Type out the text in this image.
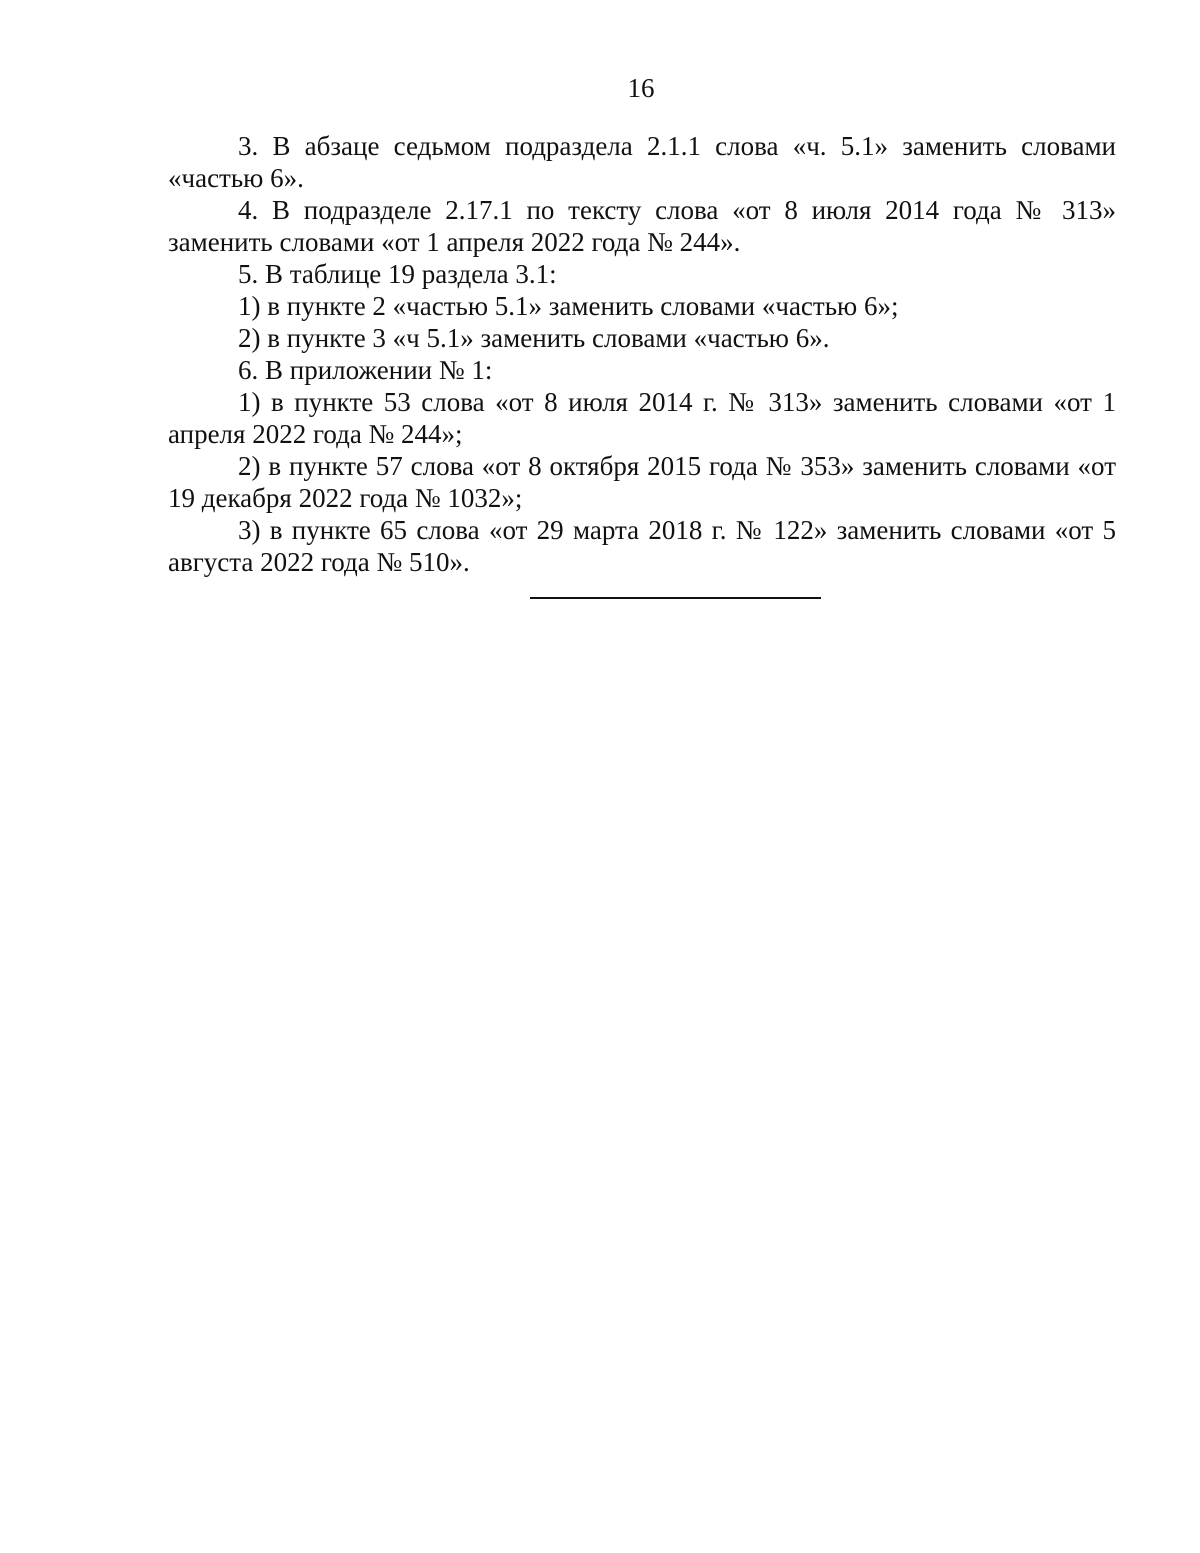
16

3. В абзаце седьмом подраздела 2.1.1 слова «ч. 5.1» заменить словами «частью 6».

4. В подразделе 2.17.1 по тексту слова «от 8 июля 2014 года № 313» заменить словами «от 1 апреля 2022 года № 244».

5. В таблице 19 раздела 3.1:

1) в пункте 2 «частью 5.1» заменить словами «частью 6»;

2) в пункте 3 «ч 5.1» заменить словами «частью 6».

6. В приложении № 1:

1) в пункте 53 слова «от 8 июля 2014 г. № 313» заменить словами «от 1 апреля 2022 года № 244»;

2) в пункте 57 слова «от 8 октября 2015 года № 353» заменить словами «от 19 декабря 2022 года № 1032»;

3) в пункте 65 слова «от 29 марта 2018 г. № 122» заменить словами «от 5 августа 2022 года № 510».
